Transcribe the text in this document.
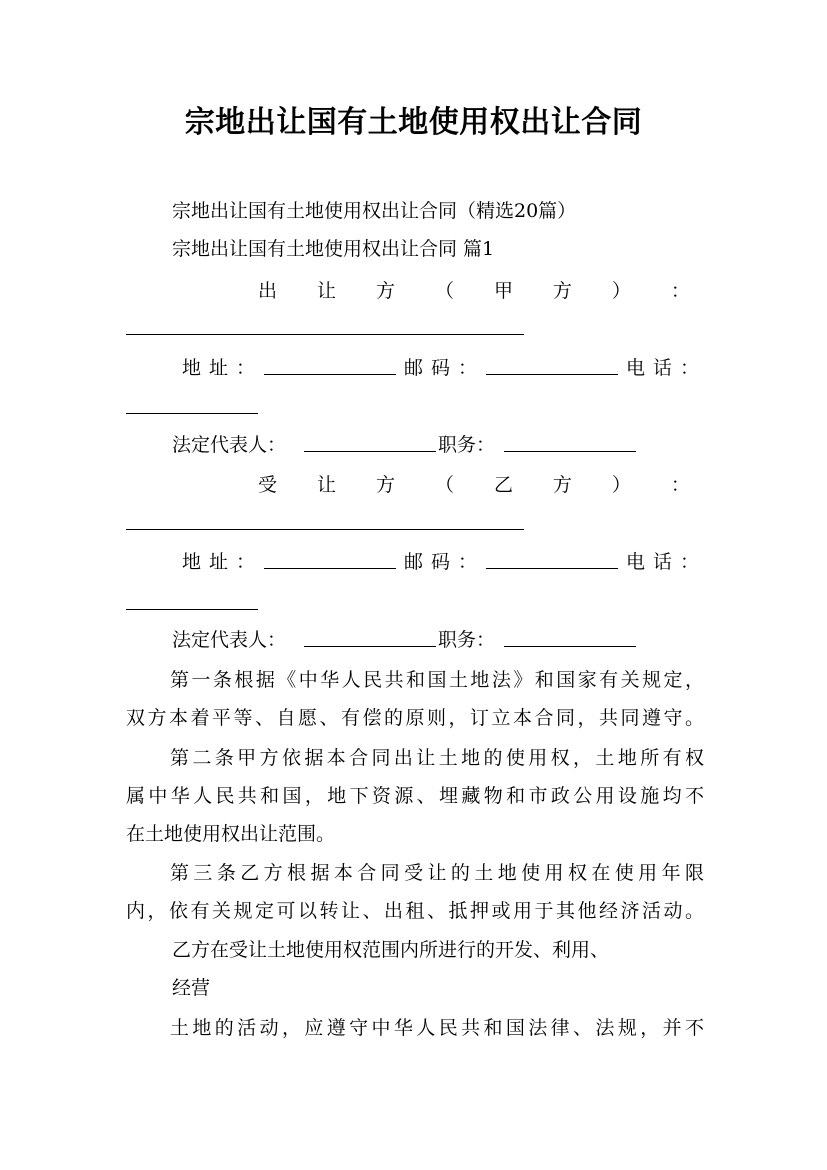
宗地出让国有土地使用权出让合同
宗地出让国有土地使用权出让合同（精选20篇）
宗地出让国有土地使用权出让合同 篇1
出 让 方 （ 甲 方 ） ：
地 址 ：	邮 码 ：	电 话 ：
法定代表人：	职务：
受 让 方 （ 乙 方 ） ：
地 址 ：	邮 码 ：	电 话 ：
法定代表人：	职务：
第一条根据《中华人民共和国土地法》和国家有关规定，
双方本着平等、自愿、有偿的原则，订立本合同，共同遵守。
第二条甲方依据本合同出让土地的使用权，土地所有权
属中华人民共和国，地下资源、埋藏物和市政公用设施均不
在土地使用权出让范围。
第三条乙方根据本合同受让的土地使用权在使用年限
内，依有关规定可以转让、出租、抵押或用于其他经济活动。
乙方在受让土地使用权范围内所进行的开发、利用、
经营
土地的活动，应遵守中华人民共和国法律、法规，并不
